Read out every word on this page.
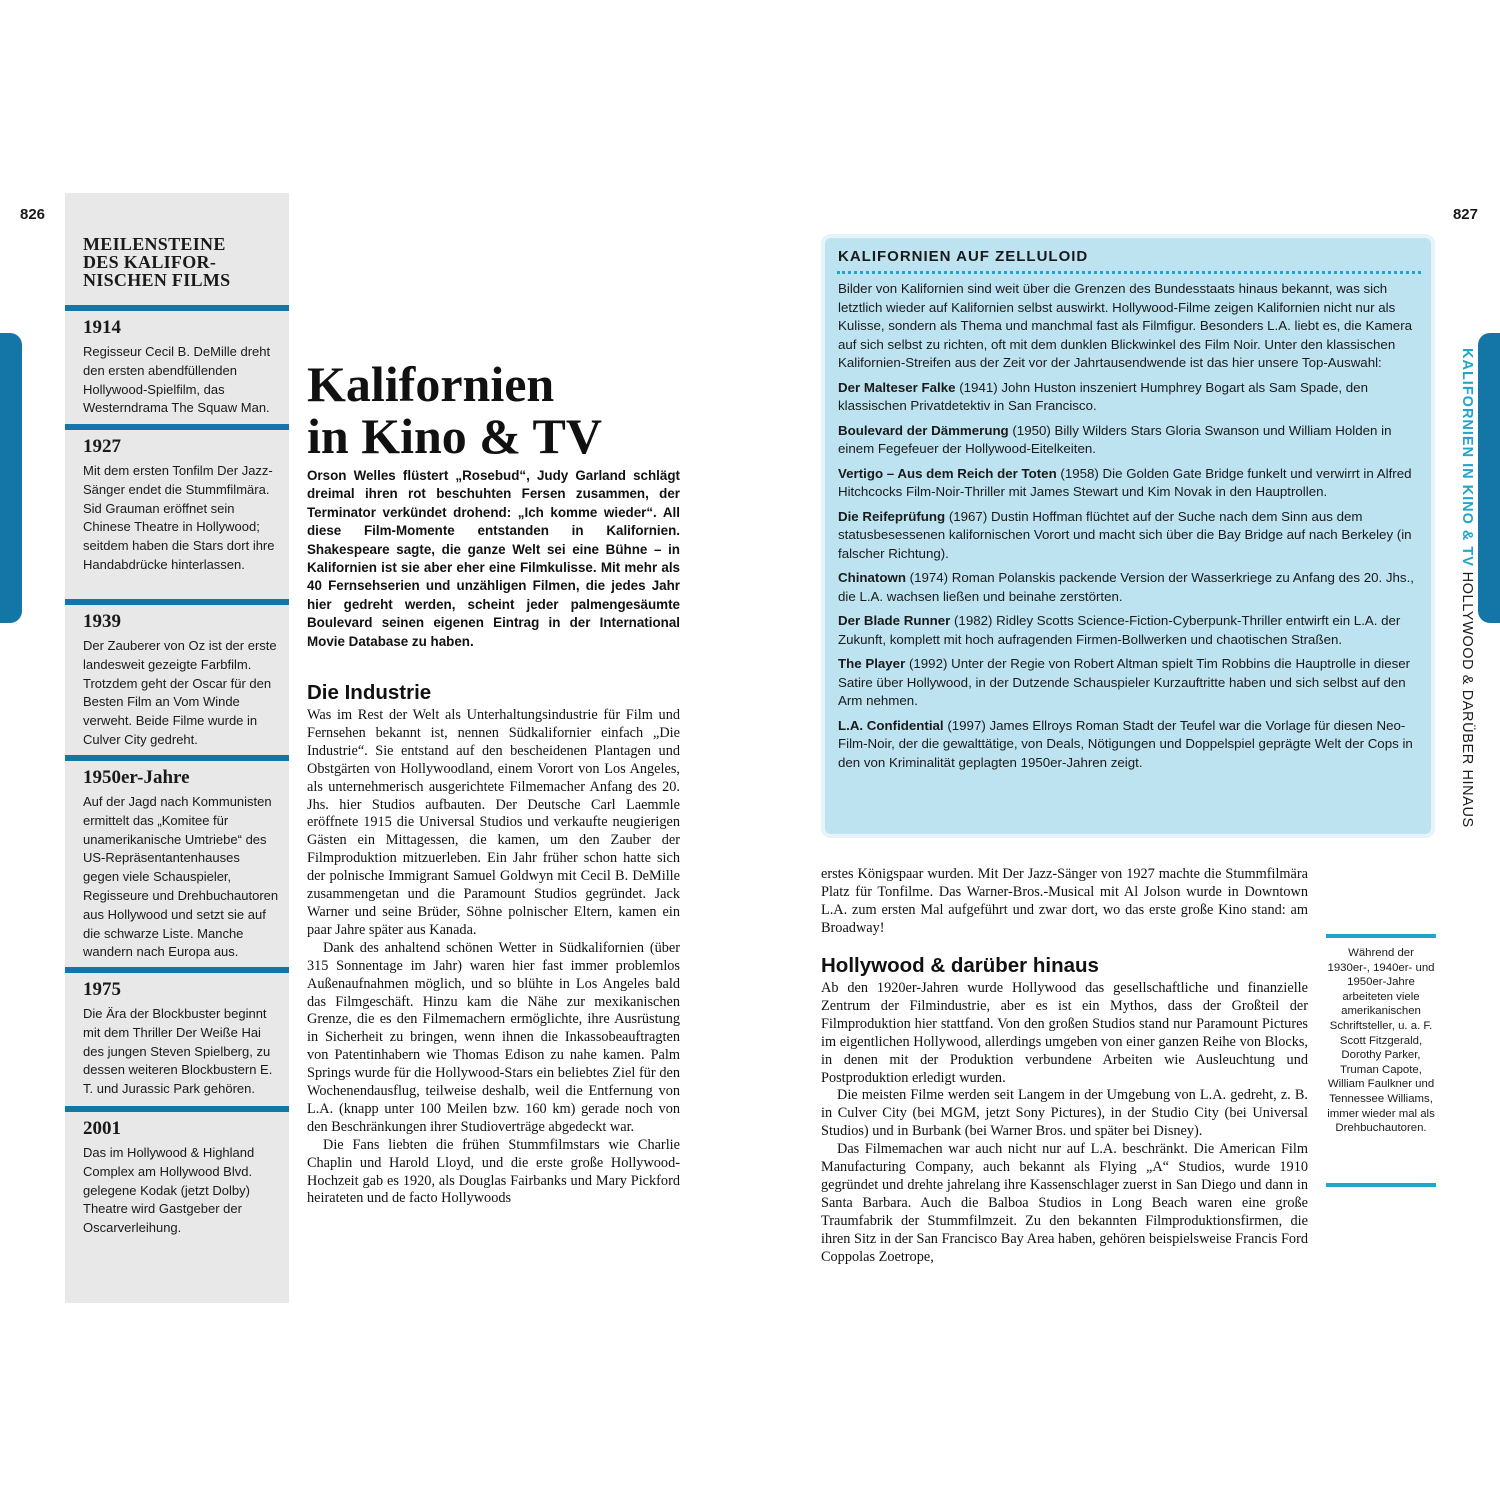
826	827
MEILENSTEINE
DES KALIFOR-
NISCHEN FILMS
1914
Regisseur Cecil B. DeMille dreht den ersten abendfüllenden Hollywood-Spielfilm, das Westerndrama The Squaw Man.
1927
Mit dem ersten Tonfilm Der Jazz-Sänger endet die Stummfilmära. Sid Grauman eröffnet sein Chinese Theatre in Hollywood; seitdem haben die Stars dort ihre Handabdrücke hinterlassen.
1939
Der Zauberer von Oz ist der erste landesweit gezeigte Farbfilm. Trotzdem geht der Oscar für den Besten Film an Vom Winde verweht. Beide Filme wurde in Culver City gedreht.
1950er-Jahre
Auf der Jagd nach Kommunisten ermittelt das „Komitee für unamerikanische Umtriebe“ des US-Repräsentantenhauses gegen viele Schauspieler, Regisseure und Drehbuchautoren aus Hollywood und setzt sie auf die schwarze Liste. Manche wandern nach Europa aus.
1975
Die Ära der Blockbuster beginnt mit dem Thriller Der Weiße Hai des jungen Steven Spielberg, zu dessen weiteren Blockbustern E. T. und Jurassic Park gehören.
2001
Das im Hollywood & Highland Complex am Hollywood Blvd. gelegene Kodak (jetzt Dolby) Theatre wird Gastgeber der Oscarverleihung.
Kalifornien
in Kino & TV
Orson Welles flüstert „Rosebud“, Judy Garland schlägt dreimal ihren rot beschuhten Fersen zusammen, der Terminator verkündet drohend: „Ich komme wieder“. All diese Film-Momente entstanden in Kalifornien. Shakespeare sagte, die ganze Welt sei eine Bühne – in Kalifornien ist sie aber eher eine Filmkulisse. Mit mehr als 40 Fernsehserien und unzähligen Filmen, die jedes Jahr hier gedreht werden, scheint jeder palmengesäumte Boulevard seinen eigenen Eintrag in der International Movie Database zu haben.
Die Industrie

Was im Rest der Welt als Unterhaltungsindustrie für Film und Fernsehen bekannt ist, nennen Südkalifornier einfach „Die Industrie“. Sie entstand auf den bescheidenen Plantagen und Obstgärten von Hollywoodland, einem Vorort von Los Angeles, als unternehmerisch ausgerichtete Filmemacher Anfang des 20. Jhs. hier Studios aufbauten. Der Deutsche Carl Laemmle eröffnete 1915 die Universal Studios und verkaufte neugierigen Gästen ein Mittagessen, die kamen, um den Zauber der Filmproduktion mitzuerleben. Ein Jahr früher schon hatte sich der polnische Immigrant Samuel Goldwyn mit Cecil B. DeMille zusammengetan und die Paramount Studios gegründet. Jack Warner und seine Brüder, Söhne polnischer Eltern, kamen ein paar Jahre später aus Kanada.

Dank des anhaltend schönen Wetter in Südkalifornien (über 315 Sonnentage im Jahr) waren hier fast immer problemlos Außenaufnahmen möglich, und so blühte in Los Angeles bald das Filmgeschäft. Hinzu kam die Nähe zur mexikanischen Grenze, die es den Filmemachern ermöglichte, ihre Ausrüstung in Sicherheit zu bringen, wenn ihnen die Inkassobeauftragten von Patentinhabern wie Thomas Edison zu nahe kamen. Palm Springs wurde für die Hollywood-Stars ein beliebtes Ziel für den Wochenendausflug, teilweise deshalb, weil die Entfernung von L.A. (knapp unter 100 Meilen bzw. 160 km) gerade noch von den Beschränkungen ihrer Studioverträge abgedeckt war.

Die Fans liebten die frühen Stummfilmstars wie Charlie Chaplin und Harold Lloyd, und die erste große Hollywood-Hochzeit gab es 1920, als Douglas Fairbanks und Mary Pickford heirateten und de facto Hollywoods

KALIFORNIEN AUF ZELLULOID

Bilder von Kalifornien sind weit über die Grenzen des Bundesstaats hinaus bekannt, was sich letztlich wieder auf Kalifornien selbst auswirkt. Hollywood-Filme zeigen Kalifornien nicht nur als Kulisse, sondern als Thema und manchmal fast als Filmfigur. Besonders L.A. liebt es, die Kamera auf sich selbst zu richten, oft mit dem dunklen Blickwinkel des Film Noir. Unter den klassischen Kalifornien-Streifen aus der Zeit vor der Jahrtausendwende ist das hier unsere Top-Auswahl:

Der Malteser Falke (1941) John Huston inszeniert Humphrey Bogart als Sam Spade, den klassischen Privatdetektiv in San Francisco.

Boulevard der Dämmerung (1950) Billy Wilders Stars Gloria Swanson und William Holden in einem Fegefeuer der Hollywood-Eitelkeiten.

Vertigo – Aus dem Reich der Toten (1958) Die Golden Gate Bridge funkelt und verwirrt in Alfred Hitchcocks Film-Noir-Thriller mit James Stewart und Kim Novak in den Hauptrollen.

Die Reifeprüfung (1967) Dustin Hoffman flüchtet auf der Suche nach dem Sinn aus dem statusbesessenen kalifornischen Vorort und macht sich über die Bay Bridge auf nach Berkeley (in falscher Richtung).

Chinatown (1974) Roman Polanskis packende Version der Wasserkriege zu Anfang des 20. Jhs., die L.A. wachsen ließen und beinahe zerstörten.

Der Blade Runner (1982) Ridley Scotts Science-Fiction-Cyberpunk-Thriller entwirft ein L.A. der Zukunft, komplett mit hoch aufragenden Firmen-Bollwerken und chaotischen Straßen.

The Player (1992) Unter der Regie von Robert Altman spielt Tim Robbins die Hauptrolle in dieser Satire über Hollywood, in der Dutzende Schauspieler Kurzauftritte haben und sich selbst auf den Arm nehmen.

L.A. Confidential (1997) James Ellroys Roman Stadt der Teufel war die Vorlage für diesen Neo-Film-Noir, der die gewalttätige, von Deals, Nötigungen und Doppelspiel geprägte Welt der Cops in den von Kriminalität geplagten 1950er-Jahren zeigt.

KALIFORNIEN IN KINO & TV HOLLYWOOD & DARÜBER HINAUS

erstes Königspaar wurden. Mit Der Jazz-Sänger von 1927 machte die Stummfilmära Platz für Tonfilme. Das Warner-Bros.-Musical mit Al Jolson wurde in Downtown L.A. zum ersten Mal aufgeführt und zwar dort, wo das erste große Kino stand: am Broadway!

Hollywood & darüber hinaus

Ab den 1920er-Jahren wurde Hollywood das gesellschaftliche und finanzielle Zentrum der Filmindustrie, aber es ist ein Mythos, dass der Großteil der Filmproduktion hier stattfand. Von den großen Studios stand nur Paramount Pictures im eigentlichen Hollywood, allerdings umgeben von einer ganzen Reihe von Blocks, in denen mit der Produktion verbundene Arbeiten wie Ausleuchtung und Postproduktion erledigt wurden.

Die meisten Filme werden seit Langem in der Umgebung von L.A. gedreht, z. B. in Culver City (bei MGM, jetzt Sony Pictures), in der Studio City (bei Universal Studios) und in Burbank (bei Warner Bros. und später bei Disney).

Das Filmemachen war auch nicht nur auf L.A. beschränkt. Die American Film Manufacturing Company, auch bekannt als Flying „A“ Studios, wurde 1910 gegründet und drehte jahrelang ihre Kassenschlager zuerst in San Diego und dann in Santa Barbara. Auch die Balboa Studios in Long Beach waren eine große Traumfabrik der Stummfilmzeit. Zu den bekannten Filmproduktionsfirmen, die ihren Sitz in der San Francisco Bay Area haben, gehören beispielsweise Francis Ford Coppolas Zoetrope,

Während der 1930er-, 1940er- und 1950er-Jahre arbeiteten viele amerikanischen Schriftsteller, u. a. F. Scott Fitzgerald, Dorothy Parker, Truman Capote, William Faulkner und Tennessee Williams, immer wieder mal als Drehbuchautoren.
